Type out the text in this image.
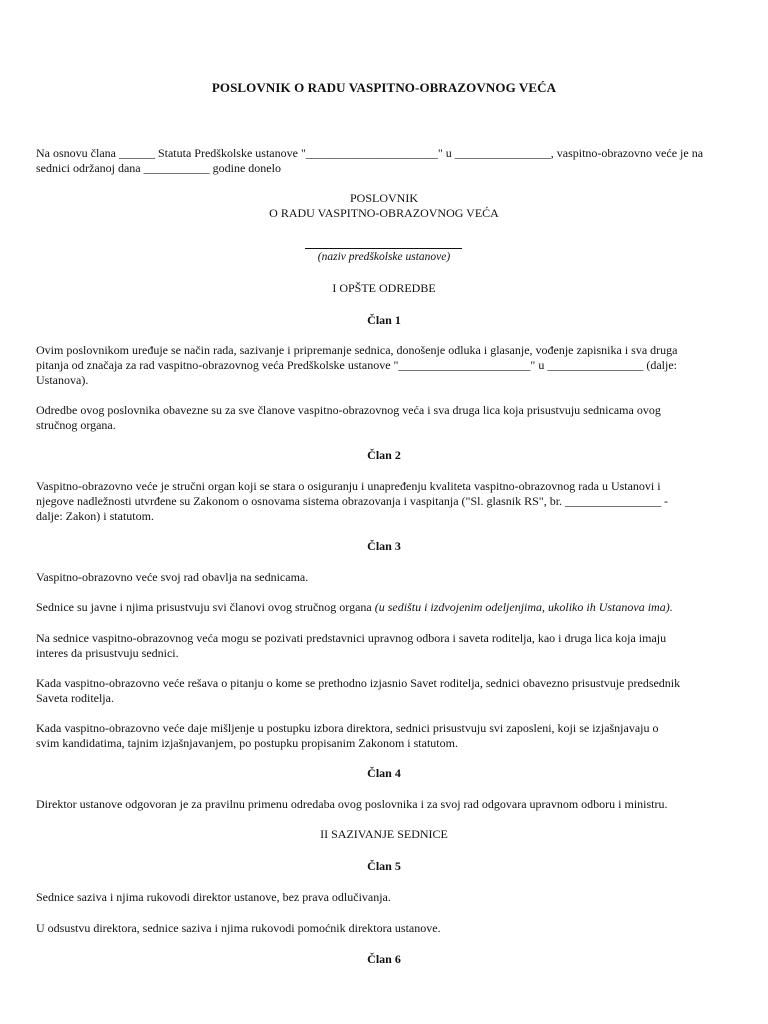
POSLOVNIK O RADU VASPITNO-OBRAZOVNOG VEĆA
Na osnovu člana ______ Statuta Predškolske ustanove "______________________" u ________________, vaspitno-obrazovno veće je na
sednici održanoj dana ___________ godine donelo
POSLOVNIK
O RADU VASPITNO-OBRAZOVNOG VEĆA
(naziv predškolske ustanove)
I OPŠTE ODREDBE
Član 1
Ovim poslovnikom uređuje se način rada, sazivanje i pripremanje sednica, donošenje odluka i glasanje, vođenje zapisnika i sva druga
pitanja od značaja za rad vaspitno-obrazovnog veća Predškolske ustanove "______________________" u ________________ (dalje:
Ustanova).
Odredbe ovog poslovnika obavezne su za sve članove vaspitno-obrazovnog veća i sva druga lica koja prisustvuju sednicama ovog
stručnog organa.
Član 2
Vaspitno-obrazovno veće je stručni organ koji se stara o osiguranju i unapređenju kvaliteta vaspitno-obrazovnog rada u Ustanovi i
njegove nadležnosti utvrđene su Zakonom o osnovama sistema obrazovanja i vaspitanja ("Sl. glasnik RS", br. ________________ -
dalje: Zakon) i statutom.
Član 3
Vaspitno-obrazovno veće svoj rad obavlja na sednicama.
Sednice su javne i njima prisustvuju svi članovi ovog stručnog organa (u sedištu i izdvojenim odeljenjima, ukoliko ih Ustanova ima).
Na sednice vaspitno-obrazovnog veća mogu se pozivati predstavnici upravnog odbora i saveta roditelja, kao i druga lica koja imaju
interes da prisustvuju sednici.
Kada vaspitno-obrazovno veće rešava o pitanju o kome se prethodno izjasnio Savet roditelja, sednici obavezno prisustvuje predsednik
Saveta roditelja.
Kada vaspitno-obrazovno veće daje mišljenje u postupku izbora direktora, sednici prisustvuju svi zaposleni, koji se izjašnjavaju o
svim kandidatima, tajnim izjašnjavanjem, po postupku propisanim Zakonom i statutom.
Član 4
Direktor ustanove odgovoran je za pravilnu primenu odredaba ovog poslovnika i za svoj rad odgovara upravnom odboru i ministru.
II SAZIVANJE SEDNICE
Član 5
Sednice saziva i njima rukovodi direktor ustanove, bez prava odlučivanja.
U odsustvu direktora, sednice saziva i njima rukovodi pomoćnik direktora ustanove.
Član 6
